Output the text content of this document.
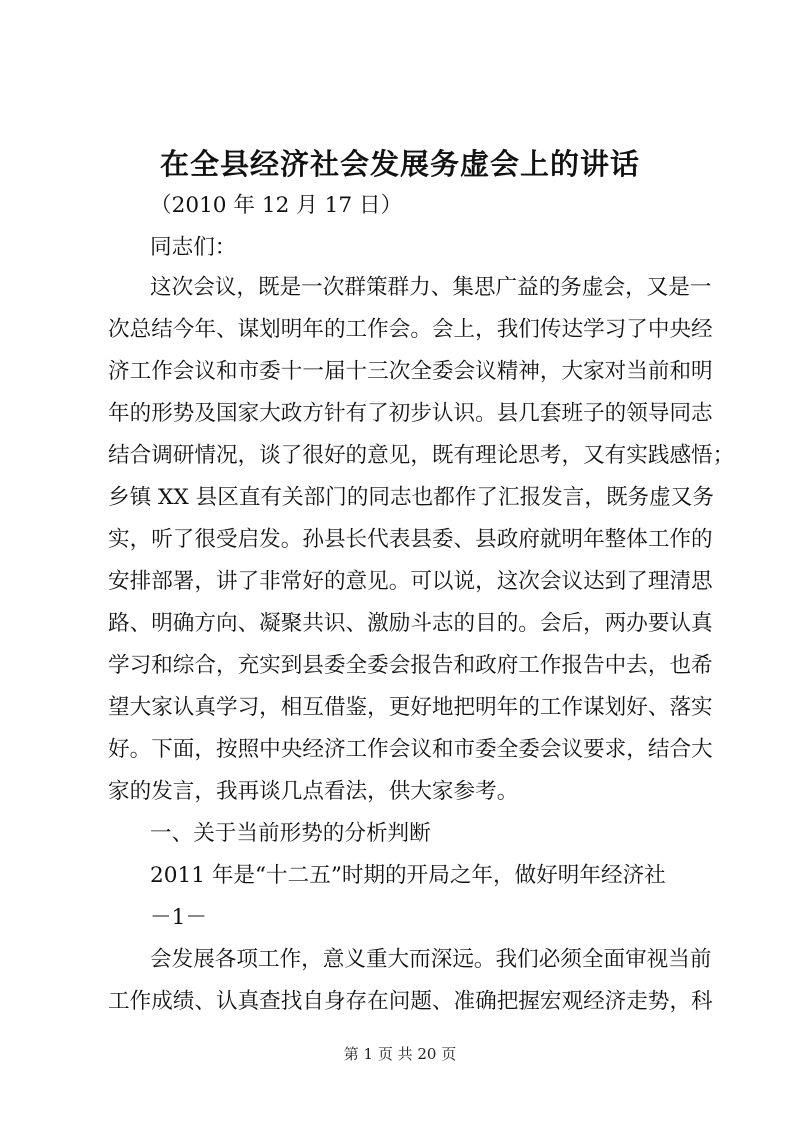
在全县经济社会发展务虚会上的讲话
（2010 年 12 月 17 日）
同志们：
这次会议，既是一次群策群力、集思广益的务虚会，又是一
次总结今年、谋划明年的工作会。会上，我们传达学习了中央经
济工作会议和市委十一届十三次全委会议精神，大家对当前和明
年的形势及国家大政方针有了初步认识。县几套班子的领导同志
结合调研情况，谈了很好的意见，既有理论思考，又有实践感悟；
乡镇 XX 县区直有关部门的同志也都作了汇报发言，既务虚又务
实，听了很受启发。孙县长代表县委、县政府就明年整体工作的
安排部署，讲了非常好的意见。可以说，这次会议达到了理清思
路、明确方向、凝聚共识、激励斗志的目的。会后，两办要认真
学习和综合，充实到县委全委会报告和政府工作报告中去，也希
望大家认真学习，相互借鉴，更好地把明年的工作谋划好、落实
好。下面，按照中央经济工作会议和市委全委会议要求，结合大
家的发言，我再谈几点看法，供大家参考。
一、关于当前形势的分析判断
2011 年是“十二五”时期的开局之年，做好明年经济社
－1－
会发展各项工作，意义重大而深远。我们必须全面审视当前
工作成绩、认真查找自身存在问题、准确把握宏观经济走势，科
第 1 页 共 20 页
